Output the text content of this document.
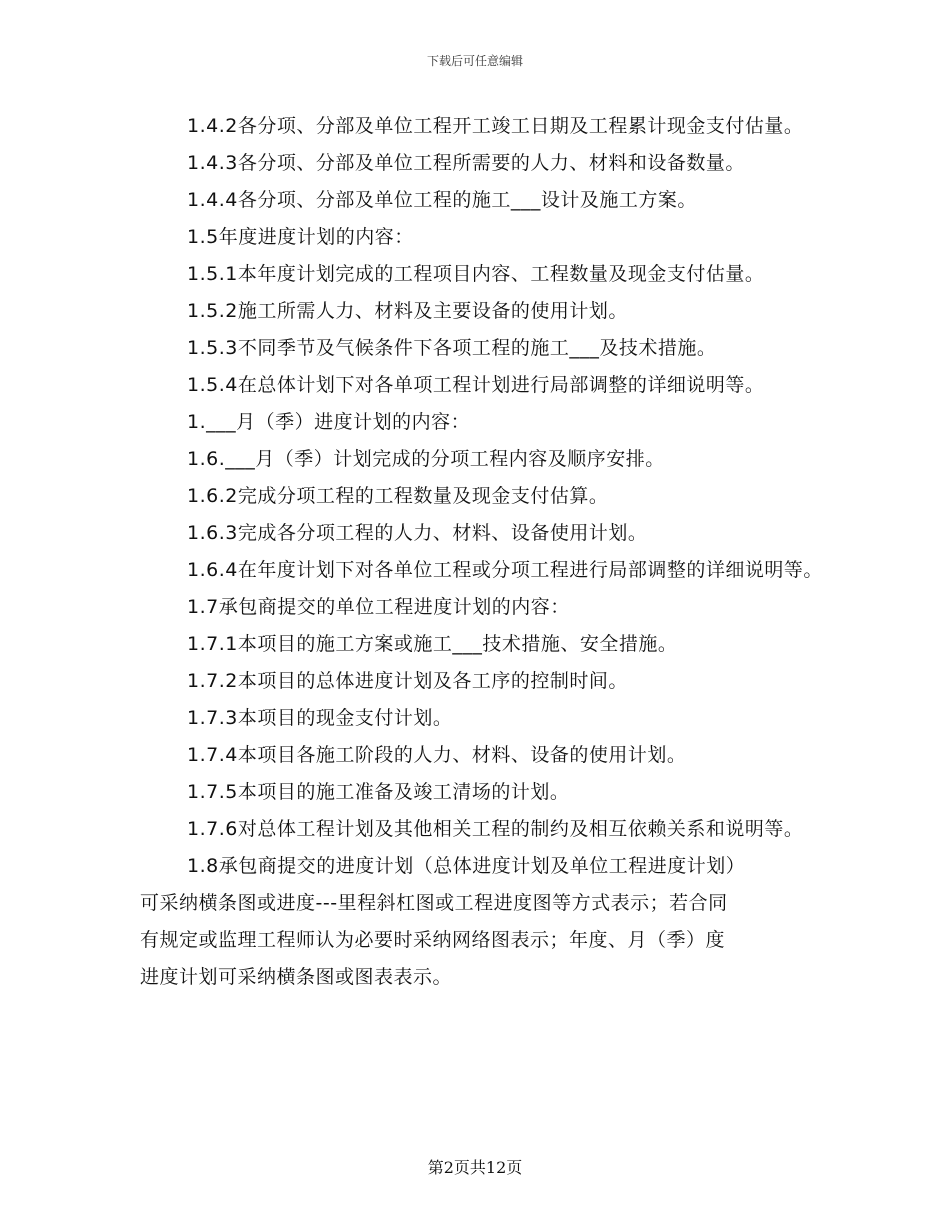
下载后可任意编辑

1.4.2各分项、分部及单位工程开工竣工日期及工程累计现金支付估量。

1.4.3各分项、分部及单位工程所需要的人力、材料和设备数量。

1.4.4各分项、分部及单位工程的施工___设计及施工方案。

1.5年度进度计划的内容：

1.5.1本年度计划完成的工程项目内容、工程数量及现金支付估量。

1.5.2施工所需人力、材料及主要设备的使用计划。

1.5.3不同季节及气候条件下各项工程的施工___及技术措施。

1.5.4在总体计划下对各单项工程计划进行局部调整的详细说明等。

1.___月（季）进度计划的内容：

1.6.___月（季）计划完成的分项工程内容及顺序安排。

1.6.2完成分项工程的工程数量及现金支付估算。

1.6.3完成各分项工程的人力、材料、设备使用计划。

1.6.4在年度计划下对各单位工程或分项工程进行局部调整的详细说明等。

1.7承包商提交的单位工程进度计划的内容：

1.7.1本项目的施工方案或施工___技术措施、安全措施。

1.7.2本项目的总体进度计划及各工序的控制时间。

1.7.3本项目的现金支付计划。

1.7.4本项目各施工阶段的人力、材料、设备的使用计划。

1.7.5本项目的施工准备及竣工清场的计划。

1.7.6对总体工程计划及其他相关工程的制约及相互依赖关系和说明等。

1.8承包商提交的进度计划（总体进度计划及单位工程进度计划）

可采纳横条图或进度---里程斜杠图或工程进度图等方式表示；若合同

有规定或监理工程师认为必要时采纳网络图表示；年度、月（季）度

进度计划可采纳横条图或图表表示。

第2页共12页
